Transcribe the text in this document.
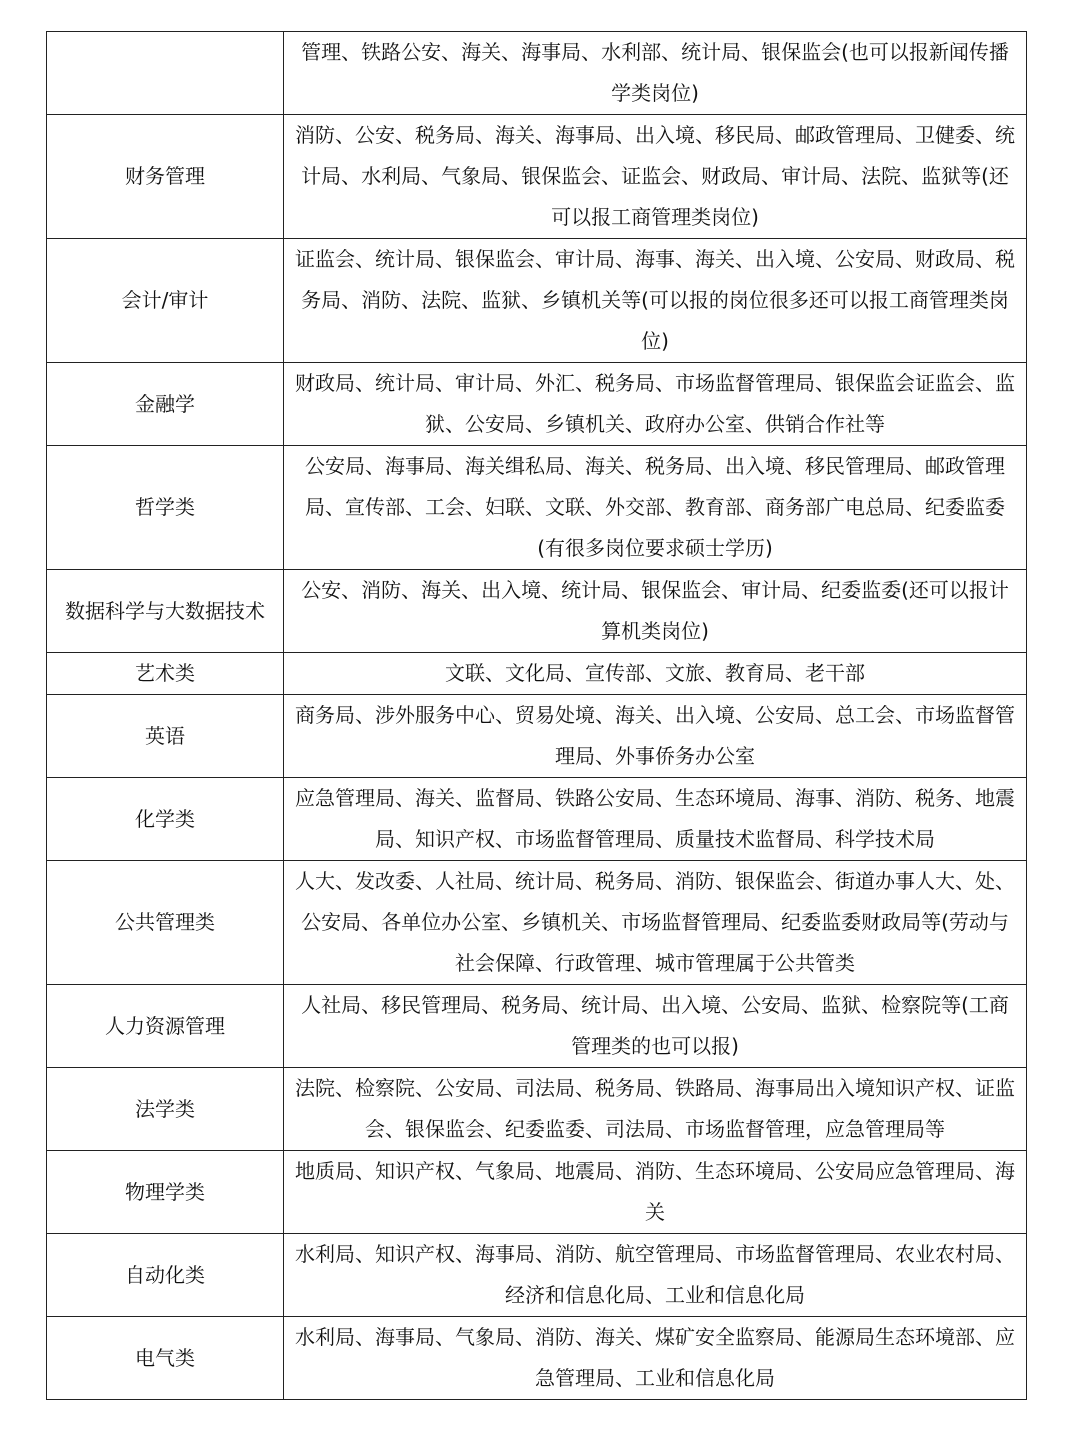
	管理、铁路公安、海关、海事局、水利部、统计局、银保监会(也可以报新闻传播学类岗位)
财务管理	消防、公安、税务局、海关、海事局、出入境、移民局、邮政管理局、卫健委、统计局、水利局、气象局、银保监会、证监会、财政局、审计局、法院、监狱等(还可以报工商管理类岗位)
会计/审计	证监会、统计局、银保监会、审计局、海事、海关、出入境、公安局、财政局、税务局、消防、法院、监狱、乡镇机关等(可以报的岗位很多还可以报工商管理类岗位)
金融学	财政局、统计局、审计局、外汇、税务局、市场监督管理局、银保监会证监会、监狱、公安局、乡镇机关、政府办公室、供销合作社等
哲学类	公安局、海事局、海关缉私局、海关、税务局、出入境、移民管理局、邮政管理局、宣传部、工会、妇联、文联、外交部、教育部、商务部广电总局、纪委监委(有很多岗位要求硕士学历)
数据科学与大数据技术	公安、消防、海关、出入境、统计局、银保监会、审计局、纪委监委(还可以报计算机类岗位)
艺术类	文联、文化局、宣传部、文旅、教育局、老干部
英语	商务局、涉外服务中心、贸易处境、海关、出入境、公安局、总工会、市场监督管理局、外事侨务办公室
化学类	应急管理局、海关、监督局、铁路公安局、生态环境局、海事、消防、税务、地震局、知识产权、市场监督管理局、质量技术监督局、科学技术局
公共管理类	人大、发改委、人社局、统计局、税务局、消防、银保监会、街道办事人大、处、公安局、各单位办公室、乡镇机关、市场监督管理局、纪委监委财政局等(劳动与社会保障、行政管理、城市管理属于公共管类
人力资源管理	人社局、移民管理局、税务局、统计局、出入境、公安局、监狱、检察院等(工商管理类的也可以报)
法学类	法院、检察院、公安局、司法局、税务局、铁路局、海事局出入境知识产权、证监会、银保监会、纪委监委、司法局、市场监督管理，应急管理局等
物理学类	地质局、知识产权、气象局、地震局、消防、生态环境局、公安局应急管理局、海关
自动化类	水利局、知识产权、海事局、消防、航空管理局、市场监督管理局、农业农村局、经济和信息化局、工业和信息化局
电气类	水利局、海事局、气象局、消防、海关、煤矿安全监察局、能源局生态环境部、应急管理局、工业和信息化局
